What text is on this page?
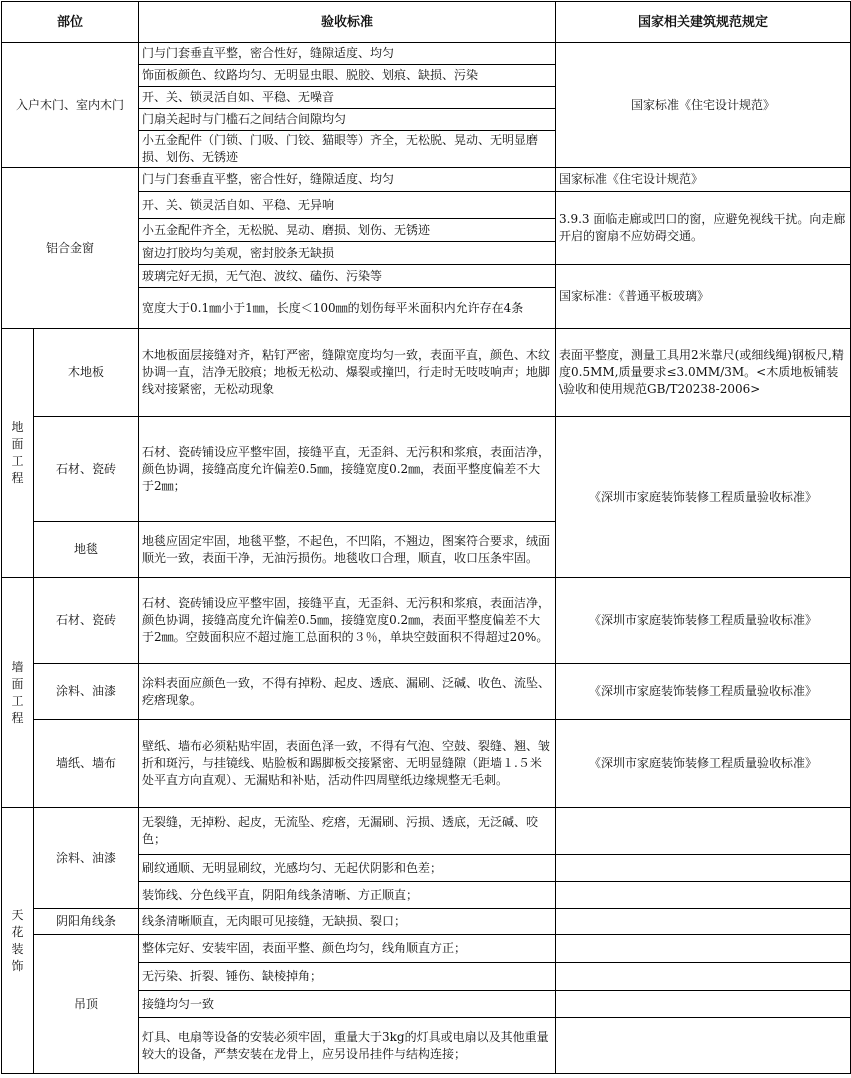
部位		验收标准	国家相关建筑规范规定
入户木门、室内木门		门与门套垂直平整，密合性好，缝隙适度、均匀	国家标准《住宅设计规范》
		饰面板颜色、纹路均匀、无明显虫眼、脱胶、划痕、缺损、污染	
		开、关、锁灵活自如、平稳、无噪音	
		门扇关起时与门槛石之间结合间隙均匀	
		小五金配件（门锁、门吸、门铰、猫眼等）齐全，无松脱、晃动、无明显磨损、划伤、无锈迹	
铝合金窗		门与门套垂直平整，密合性好，缝隙适度、均匀	国家标准《住宅设计规范》
		开、关、锁灵活自如、平稳、无异响	3.9.3 面临走廊或凹口的窗，应避免视线干扰。向走廊开启的窗扇不应妨碍交通。
		小五金配件齐全，无松脱、晃动、磨损、划伤、无锈迹	
		窗边打胶均匀美观，密封胶条无缺损	
		玻璃完好无损，无气泡、波纹、磕伤、污染等	国家标准：《普通平板玻璃》
		宽度大于0.1㎜小于1㎜，长度＜100㎜的划伤每平米面积内允许存在4条	

地
面
工
程	木地板	木地板面层接缝对齐，粘钉严密，缝隙宽度均匀一致，表面平直，颜色、木纹协调一直，洁净无胶痕；地板无松动、爆裂或撞凹，行走时无吱吱响声；地脚线对接紧密，无松动现象	表面平整度，测量工具用2米靠尺(或细线绳)钢板尺,精度0.5MM,质量要求≤3.0MM/3M。<木质地板铺装\验收和使用规范GB/T20238-2006>
	石材、瓷砖	石材、瓷砖铺设应平整牢固，接缝平直，无歪斜、无污积和浆痕，表面洁净，颜色协调，接缝高度允许偏差0.5㎜，接缝宽度0.2㎜，表面平整度偏差不大于2㎜；	《深圳市家庭装饰装修工程质量验收标准》
	地毯	地毯应固定牢固，地毯平整，不起色，不凹陷，不翘边，图案符合要求，绒面顺光一致，表面干净，无油污损伤。地毯收口合理，顺直，收口压条牢固。	

墙
面
工
程	石材、瓷砖	石材、瓷砖铺设应平整牢固，接缝平直，无歪斜、无污积和浆痕，表面洁净，颜色协调，接缝高度允许偏差0.5㎜，接缝宽度0.2㎜，表面平整度偏差不大于2㎜。空鼓面积应不超过施工总面积的３％，单块空鼓面积不得超过20%。	《深圳市家庭装饰装修工程质量验收标准》
	涂料、油漆	涂料表面应颜色一致，不得有掉粉、起皮、透底、漏刷、泛碱、收色、流坠、疙瘩现象。	《深圳市家庭装饰装修工程质量验收标准》
	墙纸、墙布	壁纸、墙布必须粘贴牢固，表面色泽一致，不得有气泡、空鼓、裂缝、翘、皱折和斑污，与挂镜线、贴脸板和踢脚板交接紧密、无明显缝隙（距墙１.５米处平直方向直观）、无漏贴和补贴，活动件四周壁纸边缘规整无毛刺。	《深圳市家庭装饰装修工程质量验收标准》

天
花
装
饰	涂料、油漆	无裂缝，无掉粉、起皮，无流坠、疙瘩，无漏刷、污损、透底，无泛碱、咬色；	
		刷纹通顺、无明显刷纹，光感均匀、无起伏阴影和色差；	
		装饰线、分色线平直，阴阳角线条清晰、方正顺直；	
	阴阳角线条	线条清晰顺直，无肉眼可见接缝，无缺损、裂口；	
	吊顶	整体完好、安装牢固，表面平整、颜色均匀，线角顺直方正；	
		无污染、折裂、锤伤、缺棱掉角；	
		接缝均匀一致	
		灯具、电扇等设备的安装必须牢固，重量大于3kg的灯具或电扇以及其他重量较大的设备，严禁安装在龙骨上，应另设吊挂件与结构连接；	
